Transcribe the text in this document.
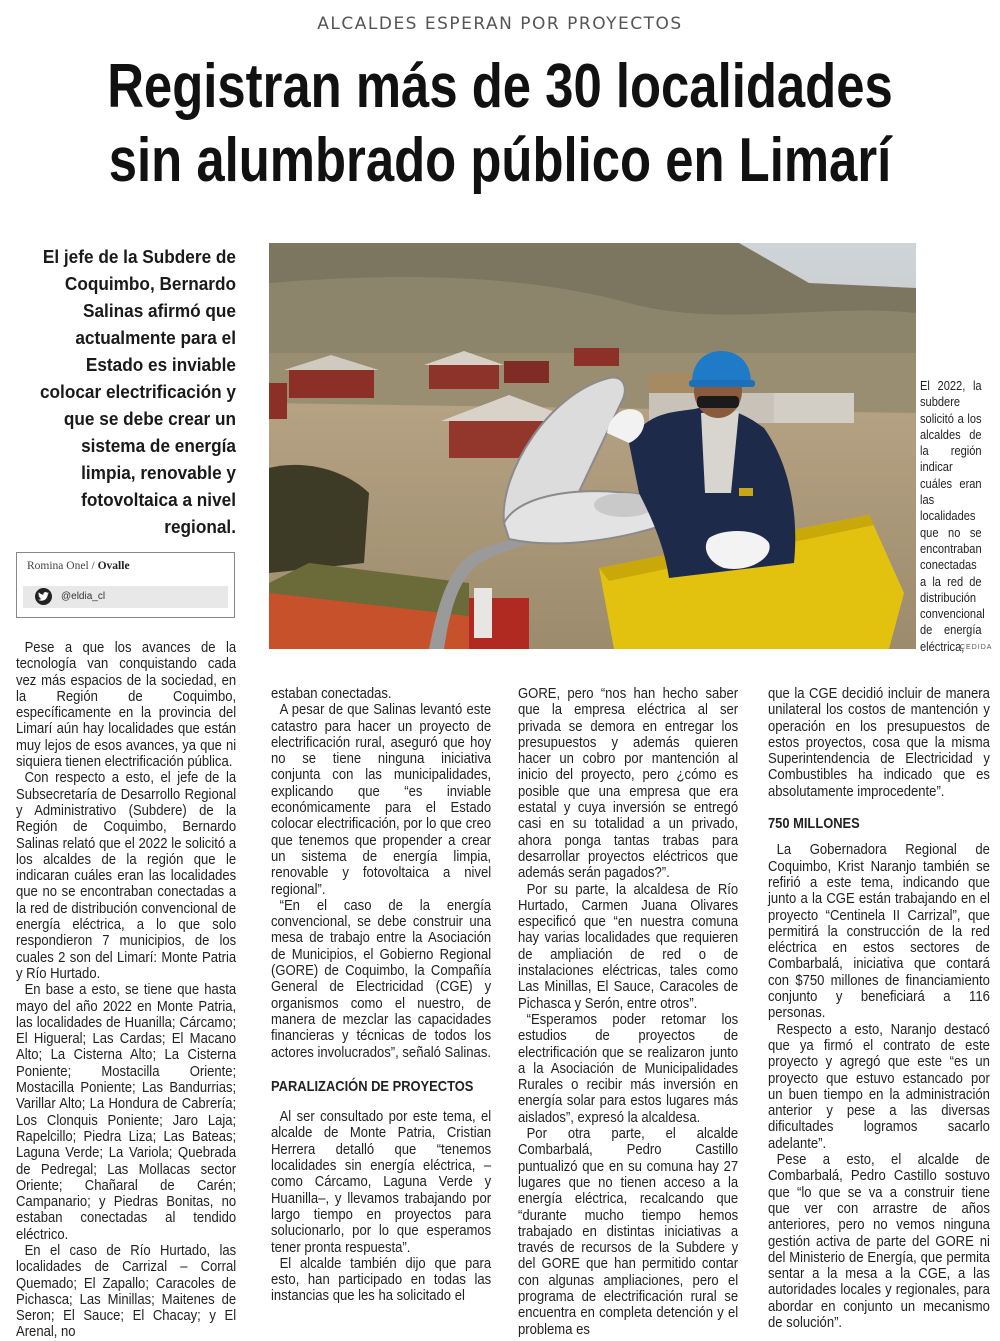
ALCALDES ESPERAN POR PROYECTOS
Registran más de 30 localidades
sin alumbrado público en Limarí
El jefe de la Subdere de Coquimbo, Bernardo Salinas afirmó que actualmente para el Estado es inviable colocar electrificación y que se debe crear un sistema de energía limpia, renovable y fotovoltaica a nivel regional.
Romina Onel / Ovalle
@eldia_cl
El 2022, la subdere solicitó a los alcaldes de la región indicar cuáles eran las localidades que no se encontraban conectadas a la red de distribución convencional de energía eléctrica,
CEDIDA

Pese a que los avances de la tecnología van conquistando cada vez más espacios de la sociedad, en la Región de Coquimbo, específicamente en la provincia del Limarí aún hay localidades que están muy lejos de esos avances, ya que ni siquiera tienen electrificación pública.

Con respecto a esto, el jefe de la Subsecretaría de Desarrollo Regional y Administrativo (Subdere) de la Región de Coquimbo, Bernardo Salinas relató que el 2022 le solicitó a los alcaldes de la región que le indicaran cuáles eran las localidades que no se encontraban conectadas a la red de distribución convencional de energía eléctrica, a lo que solo respondieron 7 municipios, de los cuales 2 son del Limarí: Monte Patria y Río Hurtado.

En base a esto, se tiene que hasta mayo del año 2022 en Monte Patria, las localidades de Huanilla; Cárcamo; El Higueral; Las Cardas; El Macano Alto; La Cisterna Alto; La Cisterna Poniente; Mostacilla Oriente; Mostacilla Poniente; Las Bandurrias; Varillar Alto; La Hondura de Cabrería; Los Clonquis Poniente; Jaro Laja; Rapelcillo; Piedra Liza; Las Bateas; Laguna Verde; La Variola; Quebrada de Pedregal; Las Mollacas sector Oriente; Chañaral de Carén; Campanario; y Piedras Bonitas, no estaban conectadas al tendido eléctrico.

En el caso de Río Hurtado, las localidades de Carrizal – Corral Quemado; El Zapallo; Caracoles de Pichasca; Las Minillas; Maitenes de Seron; El Sauce; El Chacay; y El Arenal, no

estaban conectadas.

A pesar de que Salinas levantó este catastro para hacer un proyecto de electrificación rural, aseguró que hoy no se tiene ninguna iniciativa conjunta con las municipalidades, explicando que “es inviable económicamente para el Estado colocar electrificación, por lo que creo que tenemos que propender a crear un sistema de energía limpia, renovable y fotovoltaica a nivel regional”.

“En el caso de la energía convencional, se debe construir una mesa de trabajo entre la Asociación de Municipios, el Gobierno Regional (GORE) de Coquimbo, la Compañía General de Electricidad (CGE) y organismos como el nuestro, de manera de mezclar las capacidades financieras y técnicas de todos los actores involucrados”, señaló Salinas.

PARALIZACIÓN DE PROYECTOS

Al ser consultado por este tema, el alcalde de Monte Patria, Cristian Herrera detalló que “tenemos localidades sin energía eléctrica, –como Cárcamo, Laguna Verde y Huanilla–, y llevamos trabajando por largo tiempo en proyectos para solucionarlo, por lo que esperamos tener pronta respuesta”.

El alcalde también dijo que para esto, han participado en todas las instancias que les ha solicitado el

GORE, pero “nos han hecho saber que la empresa eléctrica al ser privada se demora en entregar los presupuestos y además quieren hacer un cobro por mantención al inicio del proyecto, pero ¿cómo es posible que una empresa que era estatal y cuya inversión se entregó casi en su totalidad a un privado, ahora ponga tantas trabas para desarrollar proyectos eléctricos que además serán pagados?”.

Por su parte, la alcaldesa de Río Hurtado, Carmen Juana Olivares especificó que “en nuestra comuna hay varias localidades que requieren de ampliación de red o de instalaciones eléctricas, tales como Las Minillas, El Sauce, Caracoles de Pichasca y Serón, entre otros”.

“Esperamos poder retomar los estudios de proyectos de electrificación que se realizaron junto a la Asociación de Municipalidades Rurales o recibir más inversión en energía solar para estos lugares más aislados”, expresó la alcaldesa.

Por otra parte, el alcalde Combarbalá, Pedro Castillo puntualizó que en su comuna hay 27 lugares que no tienen acceso a la energía eléctrica, recalcando que “durante mucho tiempo hemos trabajado en distintas iniciativas a través de recursos de la Subdere y del GORE que han permitido contar con algunas ampliaciones, pero el programa de electrificación rural se encuentra en completa detención y el problema es

que la CGE decidió incluir de manera unilateral los costos de mantención y operación en los presupuestos de estos proyectos, cosa que la misma Superintendencia de Electricidad y Combustibles ha indicado que es absolutamente improcedente”.

750 MILLONES

La Gobernadora Regional de Coquimbo, Krist Naranjo también se refirió a este tema, indicando que junto a la CGE están trabajando en el proyecto “Centinela II Carrizal”, que permitirá la construcción de la red eléctrica en estos sectores de Combarbalá, iniciativa que contará con $750 millones de financiamiento conjunto y beneficiará a 116 personas.

Respecto a esto, Naranjo destacó que ya firmó el contrato de este proyecto y agregó que este “es un proyecto que estuvo estancado por un buen tiempo en la administración anterior y pese a las diversas dificultades logramos sacarlo adelante”.

Pese a esto, el alcalde de Combarbalá, Pedro Castillo sostuvo que “lo que se va a construir tiene que ver con arrastre de años anteriores, pero no vemos ninguna gestión activa de parte del GORE ni del Ministerio de Energía, que permita sentar a la mesa a la CGE, a las autoridades locales y regionales, para abordar en conjunto un mecanismo de solución”.
